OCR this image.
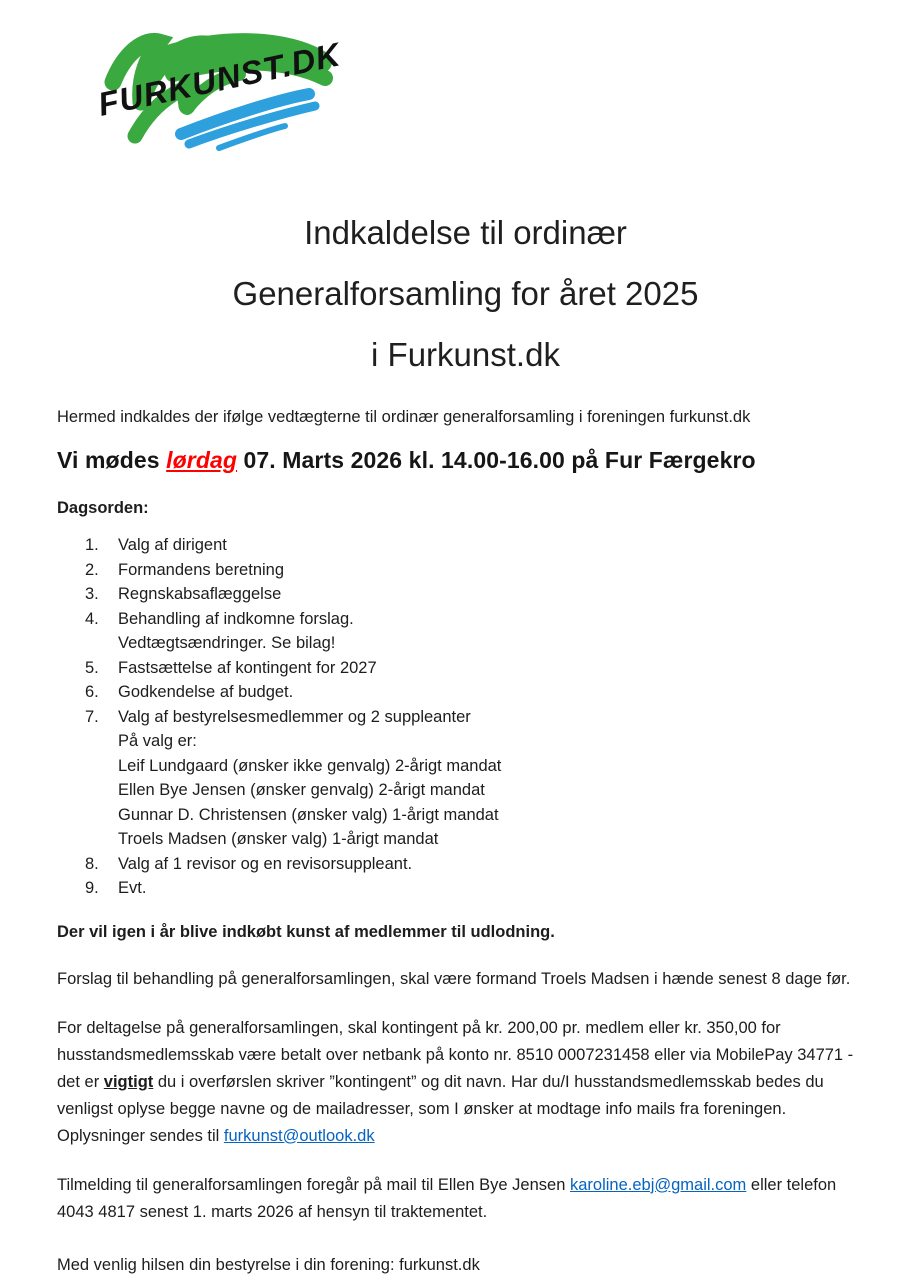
FURKUNST.DK
Indkaldelse til ordinær
Generalforsamling for året 2025
i Furkunst.dk

Hermed indkaldes der ifølge vedtægterne til ordinær generalforsamling i foreningen furkunst.dk

Vi mødes lørdag 07. Marts 2026 kl. 14.00-16.00 på Fur Færgekro
Dagsorden:
1.	Valg af dirigent
2.	Formandens beretning
3.	Regnskabsaflæggelse
4.	Behandling af indkomne forslag.
Vedtægtsændringer. Se bilag!
5.	Fastsættelse af kontingent for 2027
6.	Godkendelse af budget.
7.	Valg af bestyrelsesmedlemmer og 2 suppleanter
På valg er:
Leif Lundgaard (ønsker ikke genvalg) 2-årigt mandat
Ellen Bye Jensen (ønsker genvalg) 2-årigt mandat
Gunnar D. Christensen (ønsker valg) 1-årigt mandat
Troels Madsen (ønsker valg) 1-årigt mandat
8.	Valg af 1 revisor og en revisorsuppleant.
9.	Evt.

Der vil igen i år blive indkøbt kunst af medlemmer til udlodning.

Forslag til behandling på generalforsamlingen, skal være formand Troels Madsen i hænde senest 8 dage før.

For deltagelse på generalforsamlingen, skal kontingent på kr. 200,00 pr. medlem eller kr. 350,00 for husstandsmedlemsskab være betalt over netbank på konto nr. 8510 0007231458 eller via MobilePay 34771 - det er vigtigt du i overførslen skriver ”kontingent” og dit navn. Har du/I husstandsmedlemsskab bedes du venligst oplyse begge navne og de mailadresser, som I ønsker at modtage info mails fra foreningen. Oplysninger sendes til furkunst@outlook.dk

Tilmelding til generalforsamlingen foregår på mail til Ellen Bye Jensen karoline.ebj@gmail.com eller telefon 4043 4817 senest 1. marts 2026 af hensyn til traktementet.

Med venlig hilsen din bestyrelse i din forening: furkunst.dk
